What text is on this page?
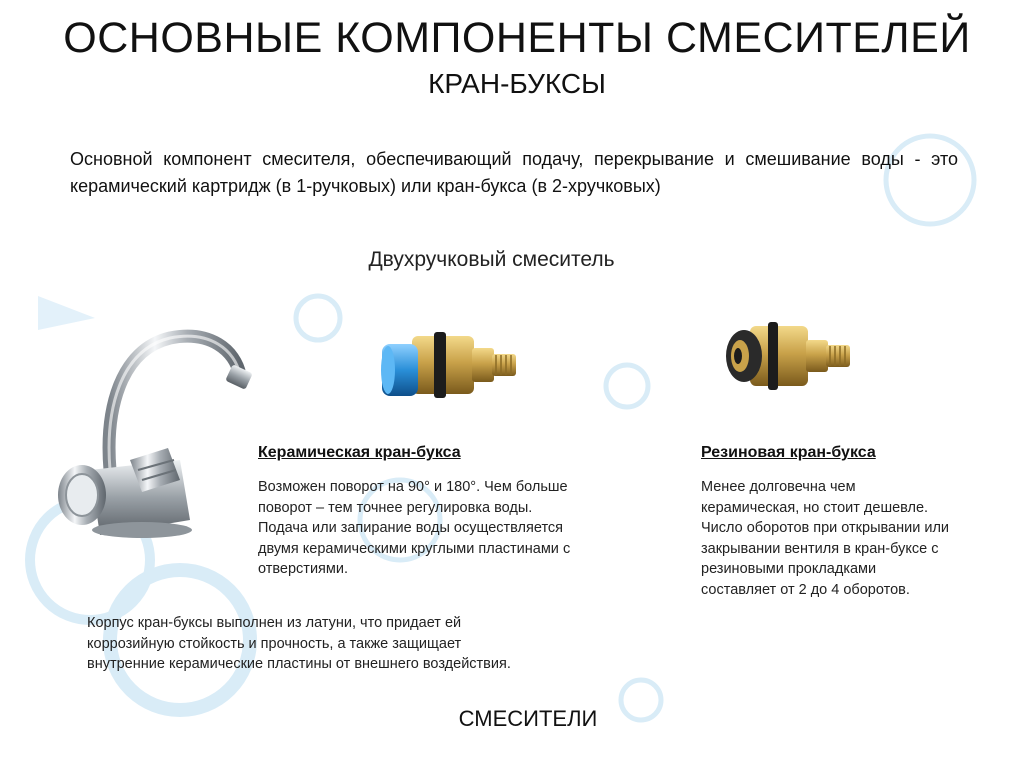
ОСНОВНЫЕ КОМПОНЕНТЫ СМЕСИТЕЛЕЙ
КРАН-БУКСЫ
Основной компонент смесителя, обеспечивающий подачу, перекрывание и смешивание воды - это керамический картридж (в 1-ручковых) или кран-букса (в 2-хручковых)
Двухручковый смеситель
Керамическая кран-букса
Возможен поворот на 90° и 180°. Чем больше поворот – тем точнее регулировка воды. Подача или запирание воды осуществляется двумя керамическими круглыми пластинами с отверстиями.
Резиновая кран-букса
Менее долговечна чем керамическая, но стоит дешевле. Число оборотов при открывании или закрывании вентиля в кран-буксе с резиновыми прокладками составляет от 2 до 4 оборотов.
Корпус кран-буксы выполнен из латуни, что придает ей коррозийную стойкость и прочность, а также защищает внутренние керамические пластины от внешнего воздействия.
СМЕСИТЕЛИ
